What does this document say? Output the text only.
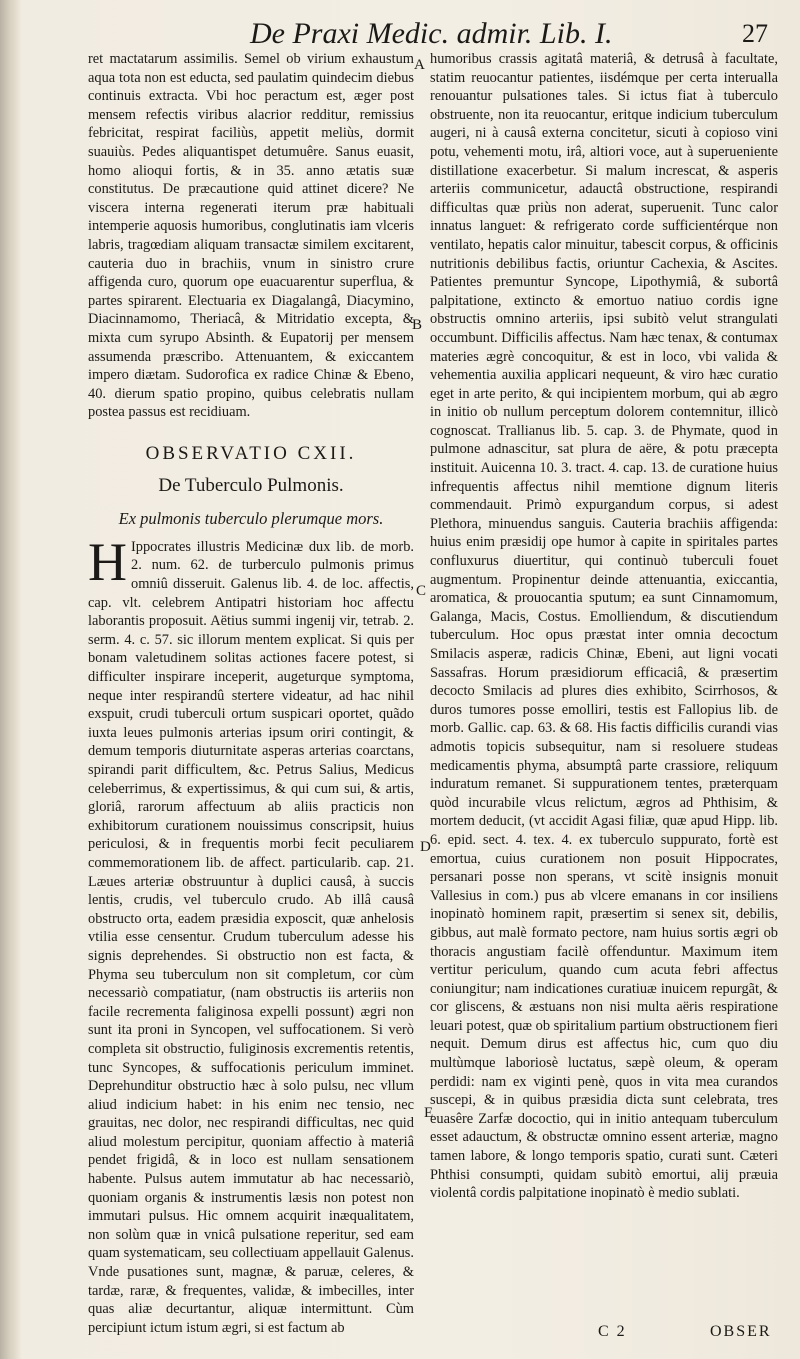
De Praxi Medic. admir. Lib. I.	27

ret mactatarum assimilis. Semel ob virium exhaustum aqua tota non est educta, sed paulatim quindecim diebus continuis extracta. Vbi hoc peractum est, æger post mensem refectis viribus alacrior redditur, remissius febricitat, respirat faciliùs, appetit meliùs, dormit suauiùs. Pedes aliquantispet detumuêre. Sanus euasit, homo alioqui fortis, & in 35. anno ætatis suæ constitutus. De præcautione quid attinet dicere? Ne viscera interna regenerati iterum præ habituali intemperie aquosis humoribus, conglutinatis iam vlceris labris, tragœdiam aliquam transactæ similem excitarent, cauteria duo in brachiis, vnum in sinistro crure affigenda curo, quorum ope euacuarentur superflua, & partes spirarent. Electuaria ex Diagalangâ, Diacymino, Diacinnamomo, Theriacâ, & Mitridatio excepta, & mixta cum syrupo Absinth. & Eupatorij per mensem assumenda præscribo. Attenuantem, & exiccantem impero diætam. Sudorofica ex radice Chinæ & Ebeno, 40. dierum spatio propino, quibus celebratis nullam postea passus est recidiuam.

OBSERVATIO CXII.
De Tuberculo Pulmonis.
Ex pulmonis tuberculo plerumque mors.

H Ippocrates illustris Medicinæ dux lib. de morb. 2. num. 62. de turberculo pulmonis primus omniû disseruit. Galenus lib. 4. de loc. affectis, cap. vlt. celebrem Antipatri historiam hoc affectu laborantis proposuit. Aëtius summi ingenij vir, tetrab. 2. serm. 4. c. 57. sic illorum mentem explicat. Si quis per bonam valetudinem solitas actiones facere potest, si difficulter inspirare inceperit, augeturque symptoma, neque inter respirandû stertere videatur, ad hac nihil exspuit, crudi tuberculi ortum suspicari oportet, quãdo iuxta leues pulmonis arterias ipsum oriri contingit, & demum temporis diuturnitate asperas arterias coarctans, spirandi parit difficultem, &c. Petrus Salius, Medicus celeberrimus, & expertissimus, & qui cum sui, & artis, gloriâ, rarorum affectuum ab aliis practicis non exhibitorum curationem nouissimus conscripsit, huius periculosi, & in frequentis morbi fecit peculiarem commemorationem lib. de affect. particularib. cap. 21. Læues arteriæ obstruuntur à duplici causâ, à succis lentis, crudis, vel tuberculo crudo. Ab illâ causâ obstructo orta, eadem præsidia exposcit, quæ anhelosis vtilia esse censentur. Crudum tuberculum adesse his signis deprehendes. Si obstructio non est facta, & Phyma seu tuberculum non sit completum, cor cùm necessariò compatiatur, (nam obstructis iis arteriis non facile recrementa faliginosa expelli possunt) ægri non sunt ita proni in Syncopen, vel suffocationem. Si verò completa sit obstructio, fuliginosis excrementis retentis, tunc Syncopes, & suffocationis periculum imminet. Deprehunditur obstructio hæc à solo pulsu, nec vllum aliud indicium habet: in his enim nec tensio, nec grauitas, nec dolor, nec respirandi difficultas, nec quid aliud molestum percipitur, quoniam affectio à materiâ pendet frigidâ, & in loco est nullam sensationem habente. Pulsus autem immutatur ab hac necessariò, quoniam organis & instrumentis læsis non potest non immutari pulsus. Hic omnem acquirit inæqualitatem, non solùm quæ in vnicâ pulsatione reperitur, sed eam quam systematicam, seu collectiuam appellauit Galenus. Vnde pusationes sunt, magnæ, & paruæ, celeres, & tardæ, raræ, & frequentes, validæ, & imbecilles, inter quas aliæ decurtantur, aliquæ intermittunt. Cùm percipiunt ictum istum ægri, si est factum ab

humoribus crassis agitatâ materiâ, & detrusâ à facultate, statim reuocantur patientes, iisdémque per certa interualla renouantur pulsationes tales. Si ictus fiat à tuberculo obstruente, non ita reuocantur, eritque indicium tuberculum augeri, ni à causâ externa concitetur, sicuti à copioso vini potu, vehementi motu, irâ, altiori voce, aut à superueniente distillatione exacerbetur. Si malum increscat, & asperis arteriis communicetur, adauctâ obstructione, respirandi difficultas quæ priùs non aderat, superuenit. Tunc calor innatus languet: & refrigerato corde sufficientérque non ventilato, hepatis calor minuitur, tabescit corpus, & officinis nutritionis debilibus factis, oriuntur Cachexia, & Ascites. Patientes premuntur Syncope, Lipothymiâ, & subortâ palpitatione, extincto & emortuo natiuo cordis igne obstructis omnino arteriis, ipsi subitò velut strangulati occumbunt. Difficilis affectus. Nam hæc tenax, & contumax materies ægrè concoquitur, & est in loco, vbi valida & vehementia auxilia applicari nequeunt, & viro hæc curatio eget in arte perito, & qui incipientem morbum, qui ab ægro in initio ob nullum perceptum dolorem contemnitur, illicò cognoscat. Trallianus lib. 5. cap. 3. de Phymate, quod in pulmone adnascitur, sat plura de aëre, & potu præcepta instituit. Auicenna 10. 3. tract. 4. cap. 13. de curatione huius infrequentis affectus nihil memtione dignum literis commendauit. Primò expurgandum corpus, si adest Plethora, minuendus sanguis. Cauteria brachiis affigenda: huius enim præsidij ope humor à capite in spiritales partes confluxurus diuertitur, qui continuò tuberculi fouet augmentum. Propinentur deinde attenuantia, exiccantia, aromatica, & prouocantia sputum; ea sunt Cinnamomum, Galanga, Macis, Costus. Emolliendum, & discutiendum tuberculum. Hoc opus præstat inter omnia decoctum Smilacis asperæ, radicis Chinæ, Ebeni, aut ligni vocati Sassafras. Horum præsidiorum efficaciâ, & præsertim decocto Smilacis ad plures dies exhibito, Scirrhosos, & duros tumores posse emolliri, testis est Fallopius lib. de morb. Gallic. cap. 63. & 68. His factis difficilis curandi vias admotis topicis subsequitur, nam si resoluere studeas medicamentis phyma, absumptâ parte crassiore, reliquum induratum remanet. Si suppurationem tentes, præterquam quòd incurabile vlcus relictum, ægros ad Phthisim, & mortem deducit, (vt accidit Agasi filiæ, quæ apud Hipp. lib. 6. epid. sect. 4. tex. 4. ex tuberculo suppurato, fortè est emortua, cuius curationem non posuit Hippocrates, persanari posse non sperans, vt scitè insignis monuit Vallesius in com.) pus ab vlcere emanans in cor insiliens inopinatò hominem rapit, præsertim si senex sit, debilis, gibbus, aut malè formato pectore, nam huius sortis ægri ob thoracis angustiam facilè offenduntur. Maximum item vertitur periculum, quando cum acuta febri affectus coniungitur; nam indicationes curatiuæ inuicem repurgãt, & cor gliscens, & æstuans non nisi multa aëris respiratione leuari potest, quæ ob spiritalium partium obstructionem fieri nequit. Demum dirus est affectus hic, cum quo diu multùmque laboriosè luctatus, sæpè oleum, & operam perdidi: nam ex viginti penè, quos in vita mea curandos suscepi, & in quibus præsidia dicta sunt celebrata, tres euasêre Zarfæ dococtio, qui in initio antequam tuberculum esset adauctum, & obstructæ omnino essent arteriæ, magno tamen labore, & longo temporis spatio, curati sunt. Cæteri Phthisi consumpti, quidam subitò emortui, alij præuia violentâ cordis palpitatione inopinatò è medio sublati.

A
B
C
D
E
C 2	OBSER
